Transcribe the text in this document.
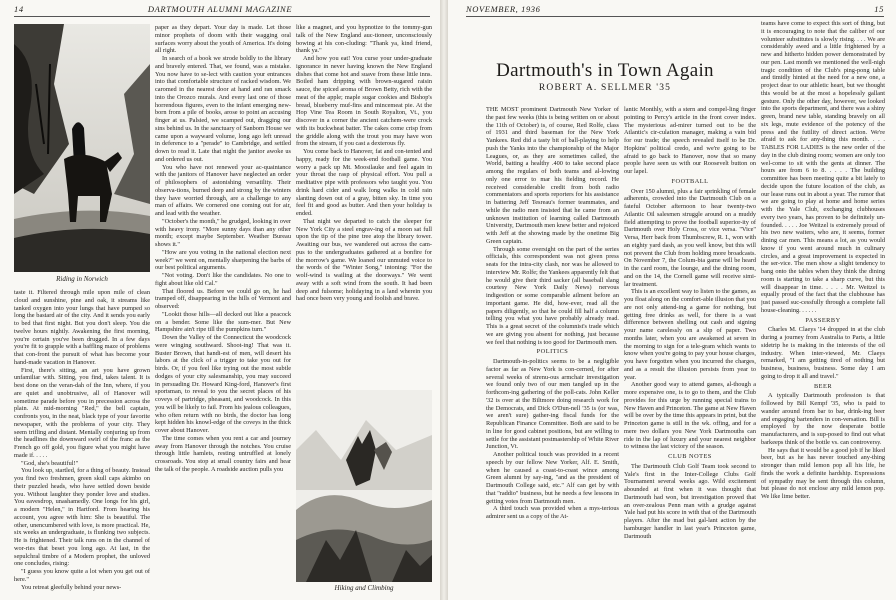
14	DARTMOUTH ALUMNI MAGAZINE
Riding in Norwich

taste it. Filtered through mile upon mile of clean cloud and sunshine, pine and oak, it streams like tanked oxygen into your lungs that have pumped so long the bastard air of the city. And it sends you early to bed that first night. But you don't sleep. You die twelve hours nightly. Awakening the first morning, you're certain you've been drugged. In a few days you're fit to grapple with a baffling maze of problems that con-front the pursuit of what has become your hand-made vacation in Hanover.

First, there's sitting, an art you have grown unfamiliar with. Sitting, you find, takes talent. It is best done on the veran-dah of the Inn, where, if you are quiet and unobtrusive, all of Hanover will sometime parade before you in precession across the plain. At mid-morning "Red," the bell captain, confronts you, in the neat, black type of your favorite newspaper, with the problems of your city. They seem trifling and distant. Mentally conjuring up from the headlines the downward swirl of the franc as the French go off gold, you figure what you might have made if. . . . .

"God, she's beautiful!"

You look up, startled, for a thing of beauty. Instead you find two freshmen, green skull caps akimbo on their puzzled heads, who have settled down beside you. Without laughter they ponder love and studies. You eavesdrop, unashamedly. One longs for his girl, a modern "Helen," in Hartford. From hearing his account, you agree with him: She is beautiful. The other, unencumbered with love, is more practical. He, six weeks an undergraduate, is flunking two subjects. He is frightened. Their talk runs on in the channel of wor-ries that beset you long ago. At last, in the sepulchral timbre of a Modern prophet, the unloved one concludes, rising:

"I guess you know quite a lot when you get out of here."

You retreat gleefully behind your news-

paper as they depart. Your day is made. Let those minor prophets of doom with their wagging oral surfaces worry about the youth of America. It's doing all right.

In search of a book we strode boldly to the library and bravely entered. That, we found, was a mistake. You now have to se-lect with caution your entrances into that comfortable structure of racked wisdom. We caromed in the nearest door at hand and ran smack into the Orozco murals. And every last one of those horrendous figures, even to the infant emerging new-born from a pile of books, arose to point an accusing finger at us. Palsied, we scamped out, dragging our sins behind us. In the sanctuary of Sanborn House we came upon a wayward volume, long ago left unread in deference to a "perade" to Cambridge, and settled down to read it. Late that night the janitor awoke us and ordered us out.

You who have not renewed your ac-quaintance with the janitors of Hanover have neglected an order of philosophers of astonishing versatility. Their observa-tions, burned deep and strong by the winters they have worried through, are a challenge to any man of affairs. We cornered one coming out for air, and lead with the weather.

"October's the month," he grudged, looking in over with heavy irony. "More sunny days than any other month; except maybe September. Weather Bureau shows it."

"How are you voting in the national election next week?" we went on, mentally sharpening the barbs of our best political arguments.

"Not voting. Don't like the candidates. No one to fight about like old Cal."

That floored us. Before we could go on, he had tramped off, disappearing in the hills of Vermont and observed:

"Lookit those hills—all decked out like a peacock on a bender. Some like the sum-mer. But New Hampshire ain't ripe till the pumpkins turn."

Down the Valley of the Connecticut the woodcock were winging southward. Shoot-ing! That was it. Buster Brown, that handi-est of men, will desert his labors at the click of a trigger to take you out for birds. Or, if you feel like trying out the most subtle dodges of your city salesmanship, you may succeed in persuading Dr. Howard King-ford, Hanover's first sportsman, to reveal to you the secret places of his coveys of partridge, pheasant, and woodcock. In this you will be likely to fail. From his jealous colleagues, who often return with no birds, the doctor has long kept hidden his knowl-edge of the coveys in the thick cover about Hanover.

The time comes when you rent a car and journey away from Hanover through the notches. You cruise through little hamlets, resting untruffled at lonely crossroads. You stop at small country fairs and hear the talk of the people. A roadside auction pulls you

like a magnet, and you hypnotize to the tommy-gun talk of the New England auc-tioneer, unconsciously bowing at his con-cluding: "Thank ya, kind friend, thank ya."

And how you eat! You curse your under-graduate ignorance in never having known the New England dishes that come hot and suave from these little inns. Boiled ham dripping with brown-sugared raisin sauce, the spiced aroma of Brown Betty, rich with the meat of the apple; maple sugar cookies and Bishop's bread, blueberry muf-fins and mincemeat pie. At the Hop Vine Tea Room in South Royalton, Vt., you discover in a corner the ancient catchem-were crock with its buckwheat batter. The cakes come crisp from the griddle along with the trout you may have won from the stream, if you cast a dexterous fly.

You come back to Hanover, fat and con-tented and happy, ready for the week-end football game. You worry a pack up Mt. Moosilauke and feel again in your throat the rasp of physical effort. You pull a meditative pipe with professors who taught you. You drink hard cider and walk long walks in cold rain slanting down out of a gray, bitten sky. In time you feel fit and good as butter. And then your holiday is ended.

That night we departed to catch the sleeper for New York City a steel engrav-ing of a moon sat full upon the tip of the pine tree atop the library tower. Awaiting our bus, we wandered out across the cam-pus to the undergraduates gathered at a bonfire for the morrow's game. We loaned our unmuted voice to the words of the "Winter Song," intoning: "For the wolf-wind is wailing at the doorways." We went away with a soft wind from the south. It had been deep and fulsome; holidaying in a land wherein you had once been very young and foolish and brave.

Hiking and Climbing
NOVEMBER, 1936	15
Dartmouth's in Town Again
ROBERT A. SELLMER '35

THE MOST prominent Dartmouth New Yorker of the past few weeks (this is being written on or about the 11th of October) is, of course, Red Rolfe, class of 1931 and third baseman for the New York Yankees. Red did a tasty bit of ball-playing to help push the Yanks into the championship of the Major Leagues, or, as they are sometimes called, the World, batting a healthy .400 to take second place among the regulars of both teams and al-lowing only one error to mar his fielding record. He received considerable credit from both radio commentators and sports reporters for his assistance in battering Jeff Tesreau's former teammates, and while the radio men insisted that he came from an unknown institution of learning called Dartmouth University, Dartmouth men knew better and rejoiced with Jeff at the showing made by the onetime Big Green captain.

Through some oversight on the part of the series officials, this correspondent was not given press seats for the intra-city clash, nor was he allowed to interview Mr. Rolfe; the Yankees apparently felt that he would give their third sacker (all baseball slang courtesy New York Daily News) nervous indigestion or some comparable ailment before an important game. He did, how-ever, read all the papers diligently, so that he could fill half a column telling you what you have probably already read. This is a great secret of the columnist's trade which we are giving you absent for nothing, just because we feel that nothing is too good for Dartmouth men.

POLITICS

Dartmouth-in-politics seems to be a negligible factor as far as New York is con-cerned, for after several weeks of strenu-ous armchair investigation we found only two of our men tangled up in the forthcom-ing gathering of the poll-cats. John Keller '32 is over at the Biltmore doing research work for the Democrats, and Dick O'Dun-nell '35 is (or was, we aren't sure) gather-ing fiscal funds for the Republican Finance Committee. Both are said to be in line for good cabinet positions, but are willing to settle for the assistant postmastership of White River Junction, Vt.

Another political touch was provided in a recent speech by our fellow New Yorker, Alf. E. Smith, when he caused a coast-to-coast wince among Green alumni by say-ing, "and as the president of Dartmouth College said, etc." Alf can get by with that "raddio" business, but he needs a few lessons in getting votes from Dartmouth men.

A third touch was provided when a mys-terious admirer sent us a copy of the At-

lantic Monthly, with a stern and compel-ling finger pointing to Percy's article in the front cover index. The mysterious ad-mirer turned out to be the Atlantic's cir-culation manager, making a vain bid for our trade; the speech revealed itself to be Dr. Hopkins' political credo, and we're going to be afraid to go back to Hanover, now that so many people have seen us with our Roosevelt button on our lapel.

FOOTBALL

Over 150 alumni, plus a fair sprinkling of female adherents, crowded into the Dartmouth Club on a fateful October afternoon to hear twenty-two Atlantic Oil salesmen struggle around on a muddy field attempting to prove the football superior-ity of Dartmouth over Holy Cross, or vice versa. "Vice" Versa, Herr back from Thumbscrew, R. I., won with an eighty yard dash, as you well know, but this will not prevent the Club from holding more broadcasts. On November 7, the Colum-bia game will be heard in the card room, the lounge, and the dining room, and on the 14, the Cornell game will receive simi-lar treatment.

This is an excellent way to listen to the games, as you float along on the comfort-able illusion that you are not only attend-ing a game for nothing, but getting free drinks as well, for there is a vast difference between shelling out cash and signing your name carelessly on a slip of paper. Two months later, when you are awakened at seven in the morning to sign for a tele-gram which wants to know when you're going to pay your house charges, you have forgotten when you incurred the charges, and as a result the illusion persists from year to year.

Another good way to attend games, al-though a more expensive one, is to go to them, and the Club provides for this urge by running special trains to New Haven and Princeton. The game at New Haven will be over by the time this appears in print, but the Princeton game is still in the wk. offing, and for a mere two dollars you New York Dartmouths can ride in the lap of luxury and your nearest neighbor to witness the last victory of the season.

CLUB NOTES

The Dartmouth Club Golf Team took second to Yale's first in the Inter-College Clubs Golf Tournament several weeks ago. Wild excitement abounded at first when it was thought that Dartmouth had won, but investigation proved that an over-zealous Penn man with a grudge against Yale had put his score in with that of the Dartmouth players. After the mad but gal-lant action by the hamburger handler in last year's Princeton game, Dartmouth

teams have come to expect this sort of thing, but it is encouraging to note that the caliber of our volunteer substitutes is slowly rising. . . . We are considerably awed and a little frightened by a new and hitherto hidden power demonstrated by our pen. Last month we mentioned the well-nigh tragic condition of the Club's ping-pong table and timidly hinted at the need for a new one, a project dear to our athletic heart, but we thought this would be at the most a hopelessly gallant gesture. Only the other day, however, we looked into the sports department, and there was a shiny green, brand new table, standing bravely on all six legs, mute evidence of the potency of the press and the futility of direct action. We're afraid to ask for any-thing this month. . . . TABLES FOR LADIES is the new order of the day in the club dining room; women are only too wel-come to sit with the gents at dinner. The hours are from 6 to 8. . . . . The building committee has been meeting quite a bit lately to decide upon the future location of the club, as our lease runs out in about a year. The rumor that we are going to play at home and home series with the Yale Club, exchanging clubhouses every two years, has proven to be definitely un-founded. . . . . Joe Weitzel is extremely proud of his two new waiters, who are, it seems, former dining car men. This means a lot, as you would know if you went around much in culinary circles, and a great improvement is expected in the ser-vice. The men show a slight tendency to bang onto the tables when they think the dining room is starting to take a sharp curve, but this will disappear in time. . . . . Mr. Weitzel is equally proud of the fact that the clubhouse has just passed suc-cessfully through a complete fall house-cleaning. . . . . .

PASSERBY

Charles M. Claeys '14 dropped in at the club during a journey from Australia to Paris, a little sidetrip he is making in the interests of the oil industry. When inter-viewed, Mr. Claeys remarked, "I am getting tired of nothing but business, business, business. Some day I am going to drop it all and travel."

BEER

A typically Dartmouth profession is that followed by Bill Kempf '35, who is paid to wander around from bar to bar, drink-ing beer and engaging bartenders in con-versation. Bill is employed by the now desperate bottle manufacturers, and is sup-posed to find out what barkeeps think of the bottle vs. can controversy.

He says that it would be a good job if he liked beer, but as he has never touched any-thing stronger than mild lemon pop all his life, he finds the work a definite hardship. Expressions of sympathy may be sent through this column, but please do not enclose any mild lemon pop. We like lime better.
